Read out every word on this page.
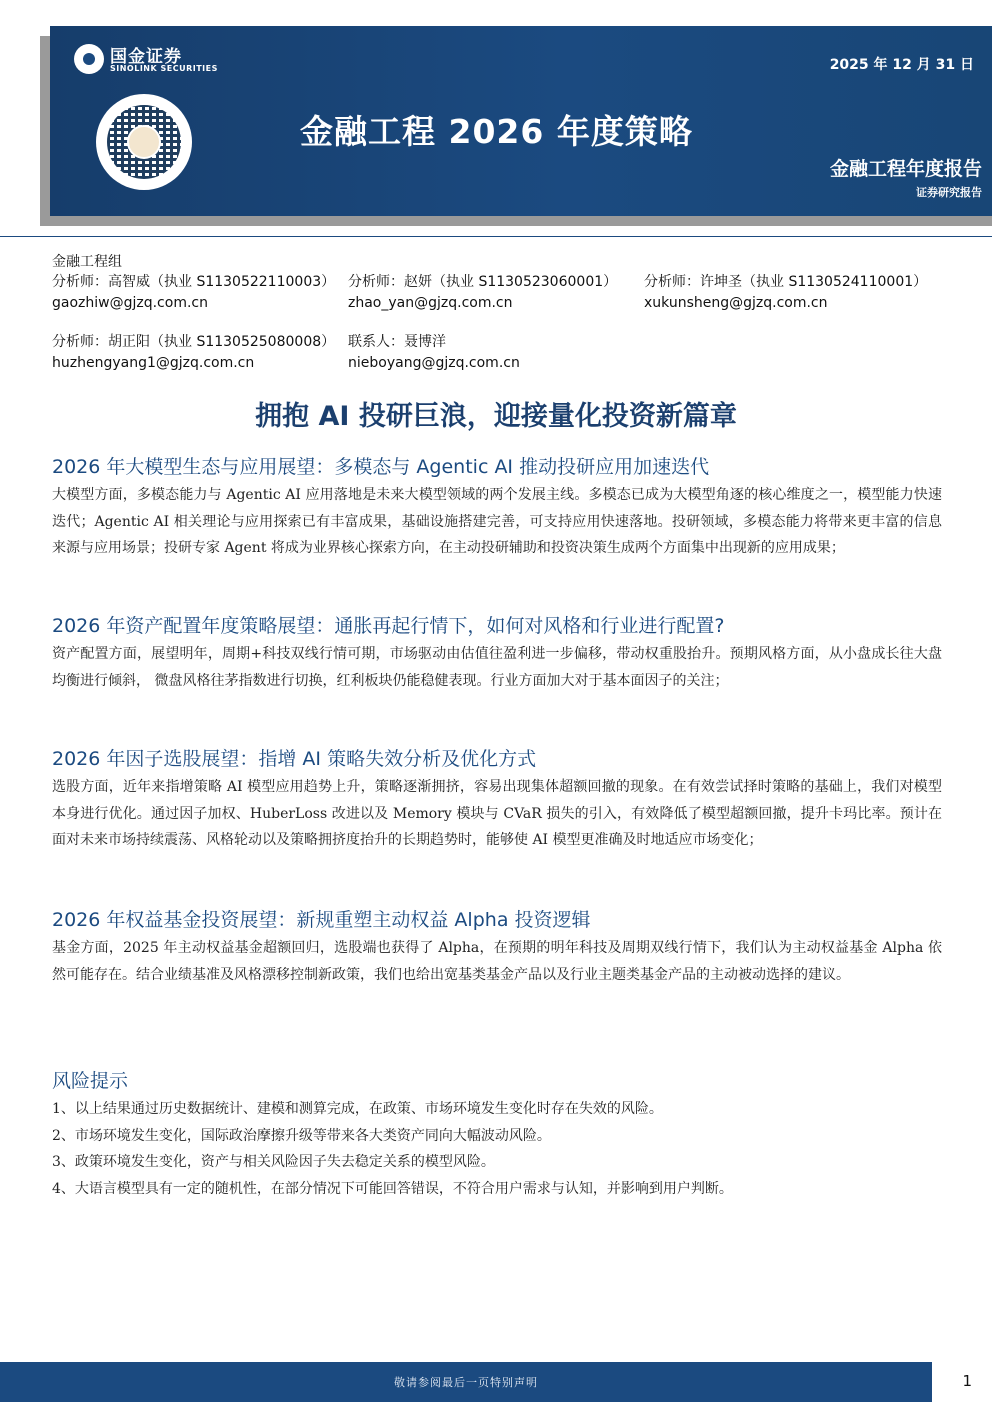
国金证券
SINOLINK SECURITIES	2025 年 12 月 31 日
金融工程 2026 年度策略
金融工程年度报告
证券研究报告
金融工程组
分析师：高智威（执业 S1130522110003）
gaozhiw@gjzq.com.cn
分析师：赵妍（执业 S1130523060001）
zhao_yan@gjzq.com.cn
分析师：许坤圣（执业 S1130524110001）
xukunsheng@gjzq.com.cn
分析师：胡正阳（执业 S1130525080008）
huzhengyang1@gjzq.com.cn
联系人：聂博洋
nieboyang@gjzq.com.cn
拥抱 AI 投研巨浪，迎接量化投资新篇章
2026 年大模型生态与应用展望：多模态与 Agentic AI 推动投研应用加速迭代

大模型方面，多模态能力与 Agentic AI 应用落地是未来大模型领域的两个发展主线。多模态已成为大模型角逐的核心维度之一，模型能力快速迭代；Agentic AI 相关理论与应用探索已有丰富成果，基础设施搭建完善，可支持应用快速落地。投研领域，多模态能力将带来更丰富的信息来源与应用场景；投研专家 Agent 将成为业界核心探索方向，在主动投研辅助和投资决策生成两个方面集中出现新的应用成果；

2026 年资产配置年度策略展望：通胀再起行情下，如何对风格和行业进行配置?

资产配置方面，展望明年，周期+科技双线行情可期，市场驱动由估值往盈利进一步偏移，带动权重股抬升。预期风格方面，从小盘成长往大盘均衡进行倾斜， 微盘风格往茅指数进行切换，红利板块仍能稳健表现。行业方面加大对于基本面因子的关注；

2026 年因子选股展望：指增 AI 策略失效分析及优化方式

选股方面，近年来指增策略 AI 模型应用趋势上升，策略逐渐拥挤，容易出现集体超额回撤的现象。在有效尝试择时策略的基础上，我们对模型本身进行优化。通过因子加权、HuberLoss 改进以及 Memory 模块与 CVaR 损失的引入，有效降低了模型超额回撤，提升卡玛比率。预计在面对未来市场持续震荡、风格轮动以及策略拥挤度抬升的长期趋势时，能够使 AI 模型更准确及时地适应市场变化；

2026 年权益基金投资展望：新规重塑主动权益 Alpha 投资逻辑

基金方面，2025 年主动权益基金超额回归，选股端也获得了 Alpha，在预期的明年科技及周期双线行情下，我们认为主动权益基金 Alpha 依然可能存在。结合业绩基准及风格漂移控制新政策，我们也给出宽基类基金产品以及行业主题类基金产品的主动被动选择的建议。

风险提示
1、以上结果通过历史数据统计、建模和测算完成，在政策、市场环境发生变化时存在失效的风险。
2、市场环境发生变化，国际政治摩擦升级等带来各大类资产同向大幅波动风险。
3、政策环境发生变化，资产与相关风险因子失去稳定关系的模型风险。
4、大语言模型具有一定的随机性，在部分情况下可能回答错误，不符合用户需求与认知，并影响到用户判断。
敬请参阅最后一页特别声明	1
